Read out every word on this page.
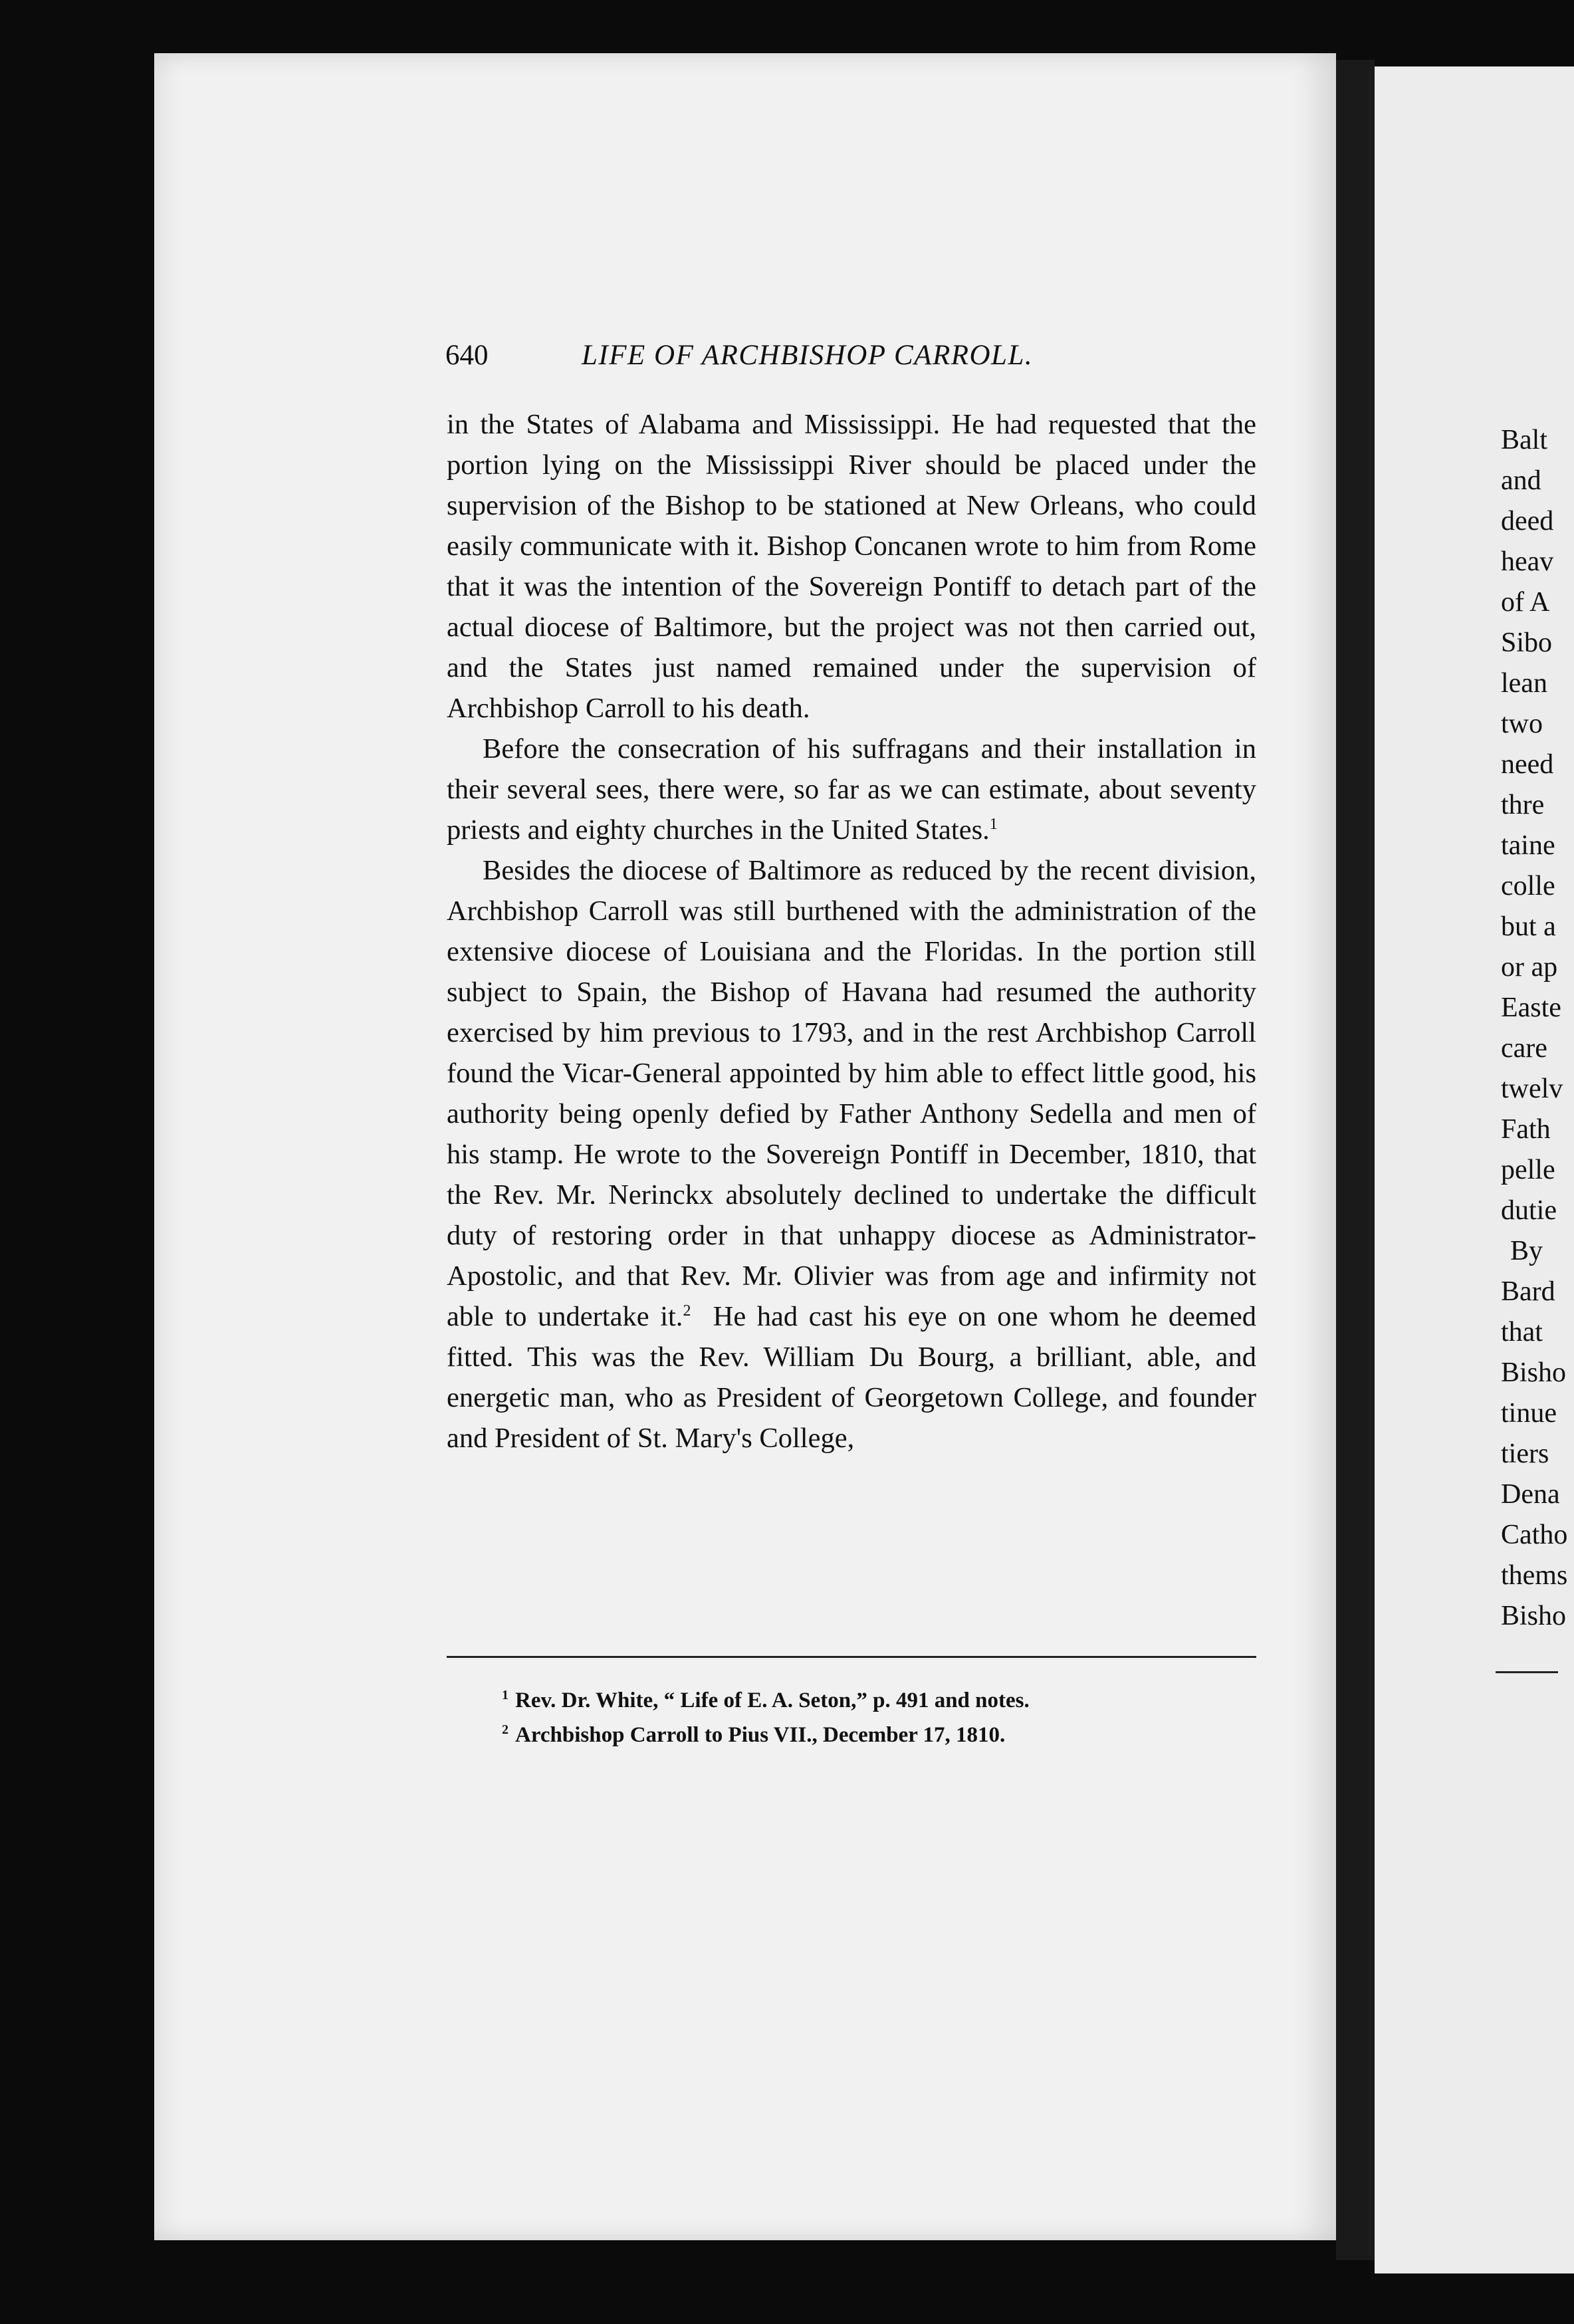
640	LIFE OF ARCHBISHOP CARROLL.

in the States of Alabama and Mississippi. He had requested that the portion lying on the Mississippi River should be placed under the supervision of the Bishop to be stationed at New Orleans, who could easily communicate with it. Bishop Concanen wrote to him from Rome that it was the intention of the Sovereign Pontiff to detach part of the actual diocese of Baltimore, but the project was not then carried out, and the States just named remained under the supervision of Archbishop Carroll to his death.

Before the consecration of his suffragans and their installation in their several sees, there were, so far as we can estimate, about seventy priests and eighty churches in the United States.$^1$

Besides the diocese of Baltimore as reduced by the recent division, Archbishop Carroll was still burthened with the administration of the extensive diocese of Louisiana and the Floridas. In the portion still subject to Spain, the Bishop of Havana had resumed the authority exercised by him previous to 1793, and in the rest Archbishop Carroll found the Vicar-General appointed by him able to effect little good, his authority being openly defied by Father Anthony Sedella and men of his stamp. He wrote to the Sovereign Pontiff in December, 1810, that the Rev. Mr. Nerinckx absolutely declined to undertake the difficult duty of restoring order in that unhappy diocese as Administrator-Apostolic, and that Rev. Mr. Olivier was from age and infirmity not able to undertake it.$^2$ He had cast his eye on one whom he deemed fitted. This was the Rev. William Du Bourg, a brilliant, able, and energetic man, who as President of Georgetown College, and founder and President of St. Mary's College,

$^1$ Rev. Dr. White, “ Life of E. A. Seton,” p. 491 and notes.
$^2$ Archbishop Carroll to Pius VII., December 17, 1810.
Balt
and
deed
heav
of A
Sibo
lean
two
need
thre
taine
colle
but a
or ap
Easte
care
twelv
Fath
pelle
dutie
By
Bard
that
Bisho
tinue
tiers
Dena
Catho
thems
Bisho
